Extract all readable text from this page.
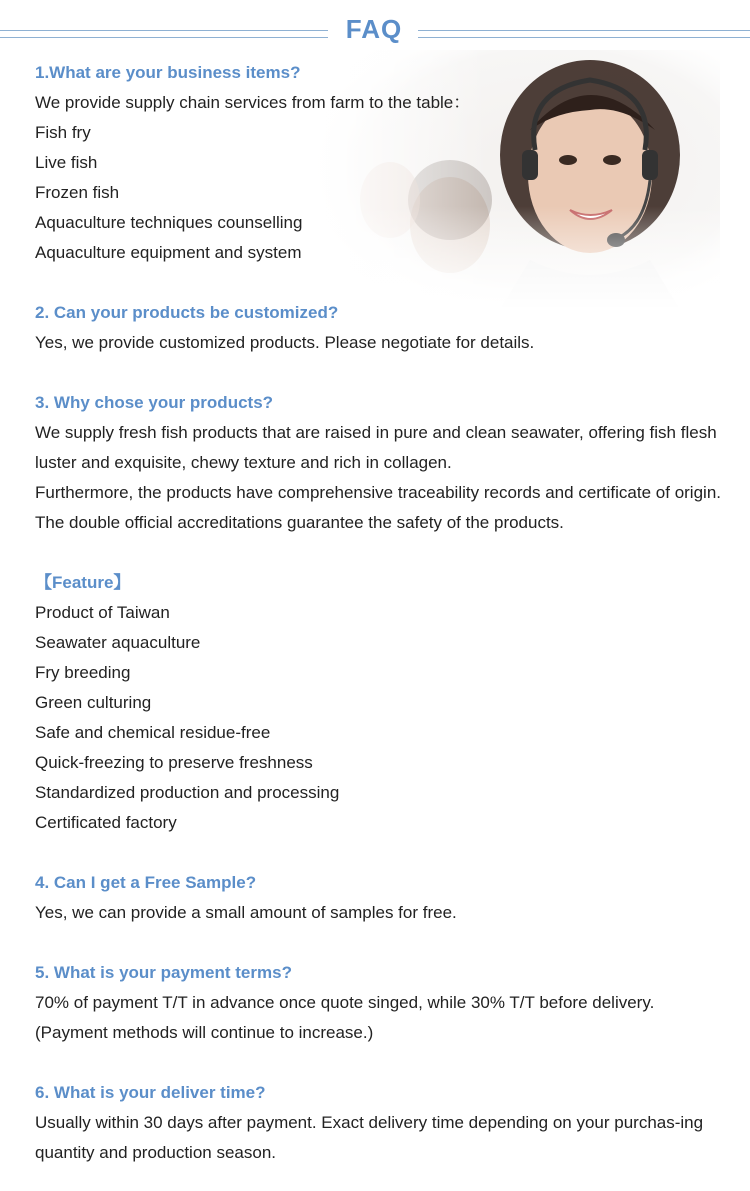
FAQ
1.What are your business items?
We provide supply chain services from farm to the table：
Fish fry
Live fish
Frozen fish
Aquaculture techniques counselling
Aquaculture equipment and system
2. Can your products be customized?
Yes, we provide customized products. Please negotiate for details.
3. Why chose your products?
We supply fresh fish products that are raised in pure and clean seawater, offering fish flesh luster and exquisite, chewy texture and rich in collagen.
Furthermore, the products have comprehensive traceability records and certificate of origin. The double official accreditations guarantee the safety of the products.
【Feature】
Product of Taiwan
Seawater aquaculture
Fry breeding
Green culturing
Safe and chemical residue-free
Quick-freezing to preserve freshness
Standardized production and processing
Certificated factory
4. Can I get a Free Sample?
Yes, we can provide a small amount of samples for free.
5. What is your payment terms?
70% of payment T/T in advance once quote singed, while 30% T/T before delivery.
(Payment methods will continue to increase.)
6. What is your deliver time?
Usually within 30 days after payment. Exact delivery time depending on your purchas-ing quantity and production season.
